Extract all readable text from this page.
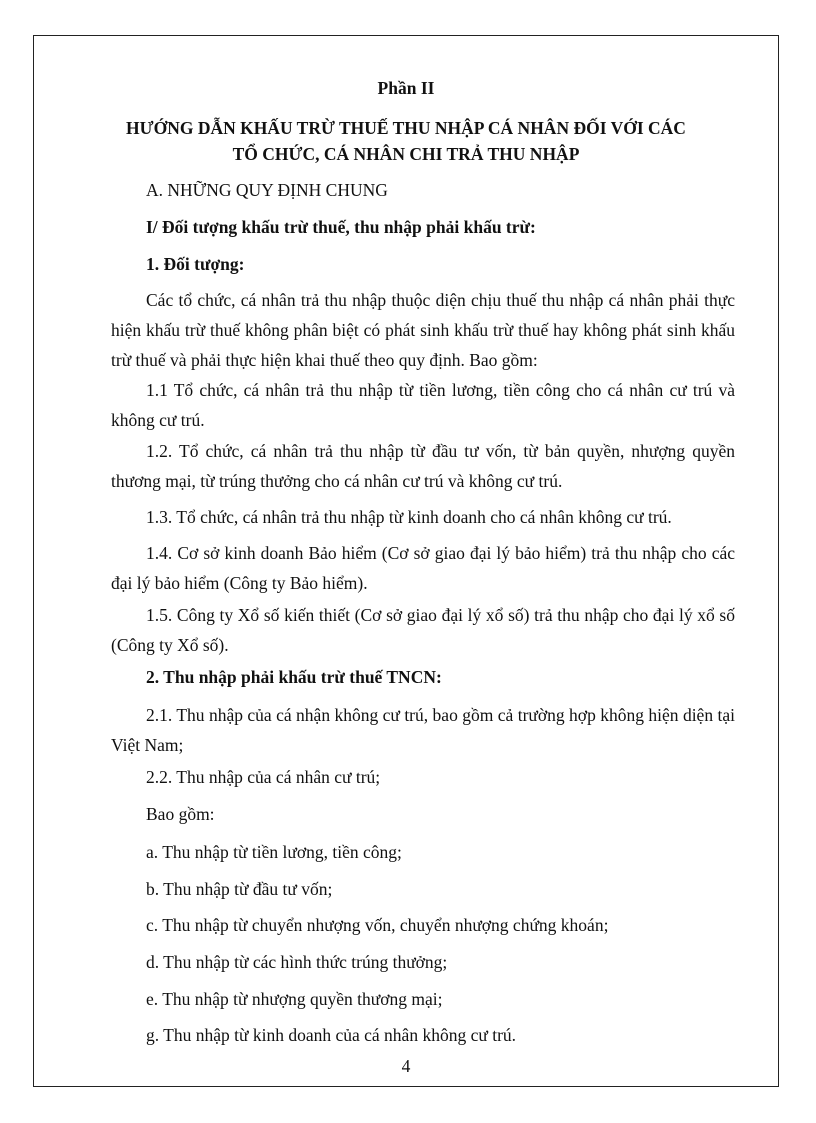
Phần II
HƯỚNG DẪN KHẤU TRỪ THUẾ THU NHẬP CÁ NHÂN ĐỐI VỚI CÁC
TỔ CHỨC, CÁ NHÂN CHI TRẢ THU NHẬP
A. NHỮNG QUY ĐỊNH CHUNG
I/ Đối tượng khấu trừ thuế, thu nhập phải khấu trừ:
1. Đối tượng:
Các tổ chức, cá nhân trả thu nhập thuộc diện chịu thuế thu nhập cá nhân phải thực hiện khấu trừ thuế không phân biệt có phát sinh khấu trừ thuế hay không phát sinh khấu trừ thuế và phải thực hiện khai thuế theo quy định. Bao gồm:
1.1 Tổ chức, cá nhân trả thu nhập từ tiền lương, tiền công cho cá nhân cư trú và không cư trú.
1.2. Tổ chức, cá nhân trả thu nhập từ đầu tư vốn, từ bản quyền, nhượng quyền thương mại, từ trúng thưởng cho cá nhân cư trú và không cư trú.
1.3. Tổ chức, cá nhân trả thu nhập từ kinh doanh cho cá nhân không cư trú.
1.4. Cơ sở kinh doanh Bảo hiểm (Cơ sở giao đại lý bảo hiểm) trả thu nhập cho các đại lý bảo hiểm (Công ty Bảo hiểm).
1.5. Công ty Xổ số kiến thiết (Cơ sở giao đại lý xổ số) trả thu nhập cho đại lý xổ số (Công ty Xổ số).
2. Thu nhập phải khấu trừ thuế TNCN:
2.1. Thu nhập của cá nhận không cư trú, bao gồm cả trường hợp không hiện diện tại Việt Nam;
2.2. Thu nhập của cá nhân cư trú;
Bao gồm:
a. Thu nhập từ tiền lương, tiền công;
b. Thu nhập từ đầu tư vốn;
c. Thu nhập từ chuyển nhượng vốn, chuyển nhượng chứng khoán;
d. Thu nhập từ các hình thức trúng thưởng;
e. Thu nhập từ nhượng quyền thương mại;
g. Thu nhập từ kinh doanh của cá nhân không cư trú.
4
